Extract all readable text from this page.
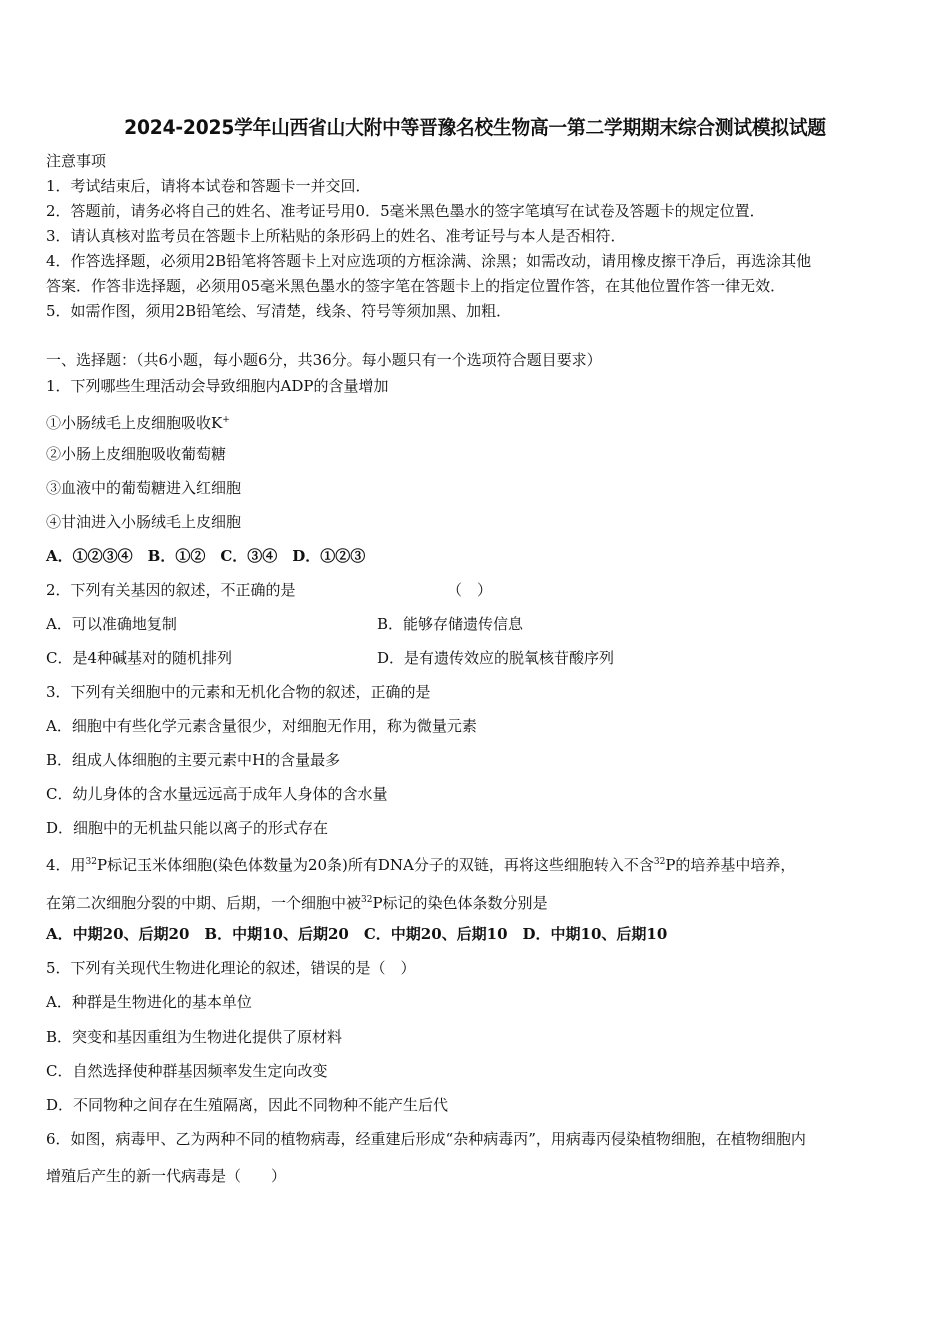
2024-2025学年山西省山大附中等晋豫名校生物高一第二学期期末综合测试模拟试题
注意事项
1．考试结束后，请将本试卷和答题卡一并交回．
2．答题前，请务必将自己的姓名、准考证号用0．5毫米黑色墨水的签字笔填写在试卷及答题卡的规定位置．
3．请认真核对监考员在答题卡上所粘贴的条形码上的姓名、准考证号与本人是否相符．
4．作答选择题，必须用2B铅笔将答题卡上对应选项的方框涂满、涂黑；如需改动，请用橡皮擦干净后，再选涂其他
答案．作答非选择题，必须用05毫米黑色墨水的签字笔在答题卡上的指定位置作答，在其他位置作答一律无效．
5．如需作图，须用2B铅笔绘、写清楚，线条、符号等须加黑、加粗．
一、选择题：（共6小题，每小题6分，共36分。每小题只有一个选项符合题目要求）
1．下列哪些生理活动会导致细胞内ADP的含量增加
①小肠绒毛上皮细胞吸收K+
②小肠上皮细胞吸收葡萄糖
③血液中的葡萄糖进入红细胞
④甘油进入小肠绒毛上皮细胞
A．①②③④　B．①②　C．③④　D．①②③
2．下列有关基因的叙述，不正确的是	（　）
A．可以准确地复制	B．能够存储遗传信息
C．是4种碱基对的随机排列	D．是有遗传效应的脱氧核苷酸序列
3．下列有关细胞中的元素和无机化合物的叙述，正确的是
A．细胞中有些化学元素含量很少，对细胞无作用，称为微量元素
B．组成人体细胞的主要元素中H的含量最多
C．幼儿身体的含水量远远高于成年人身体的含水量
D．细胞中的无机盐只能以离子的形式存在
4．用$^{32}$P标记玉米体细胞(染色体数量为20条)所有DNA分子的双链，再将这些细胞转入不含$^{32}$P的培养基中培养，
在第二次细胞分裂的中期、后期，一个细胞中被$^{32}$P标记的染色体条数分别是
A．中期20、后期20　B．中期10、后期20　C．中期20、后期10　D．中期10、后期10
5．下列有关现代生物进化理论的叙述，错误的是（　）
A．种群是生物进化的基本单位
B．突变和基因重组为生物进化提供了原材料
C．自然选择使种群基因频率发生定向改变
D．不同物种之间存在生殖隔离，因此不同物种不能产生后代
6．如图，病毒甲、乙为两种不同的植物病毒，经重建后形成“杂种病毒丙”，用病毒丙侵染植物细胞，在植物细胞内
增殖后产生的新一代病毒是（　　）
